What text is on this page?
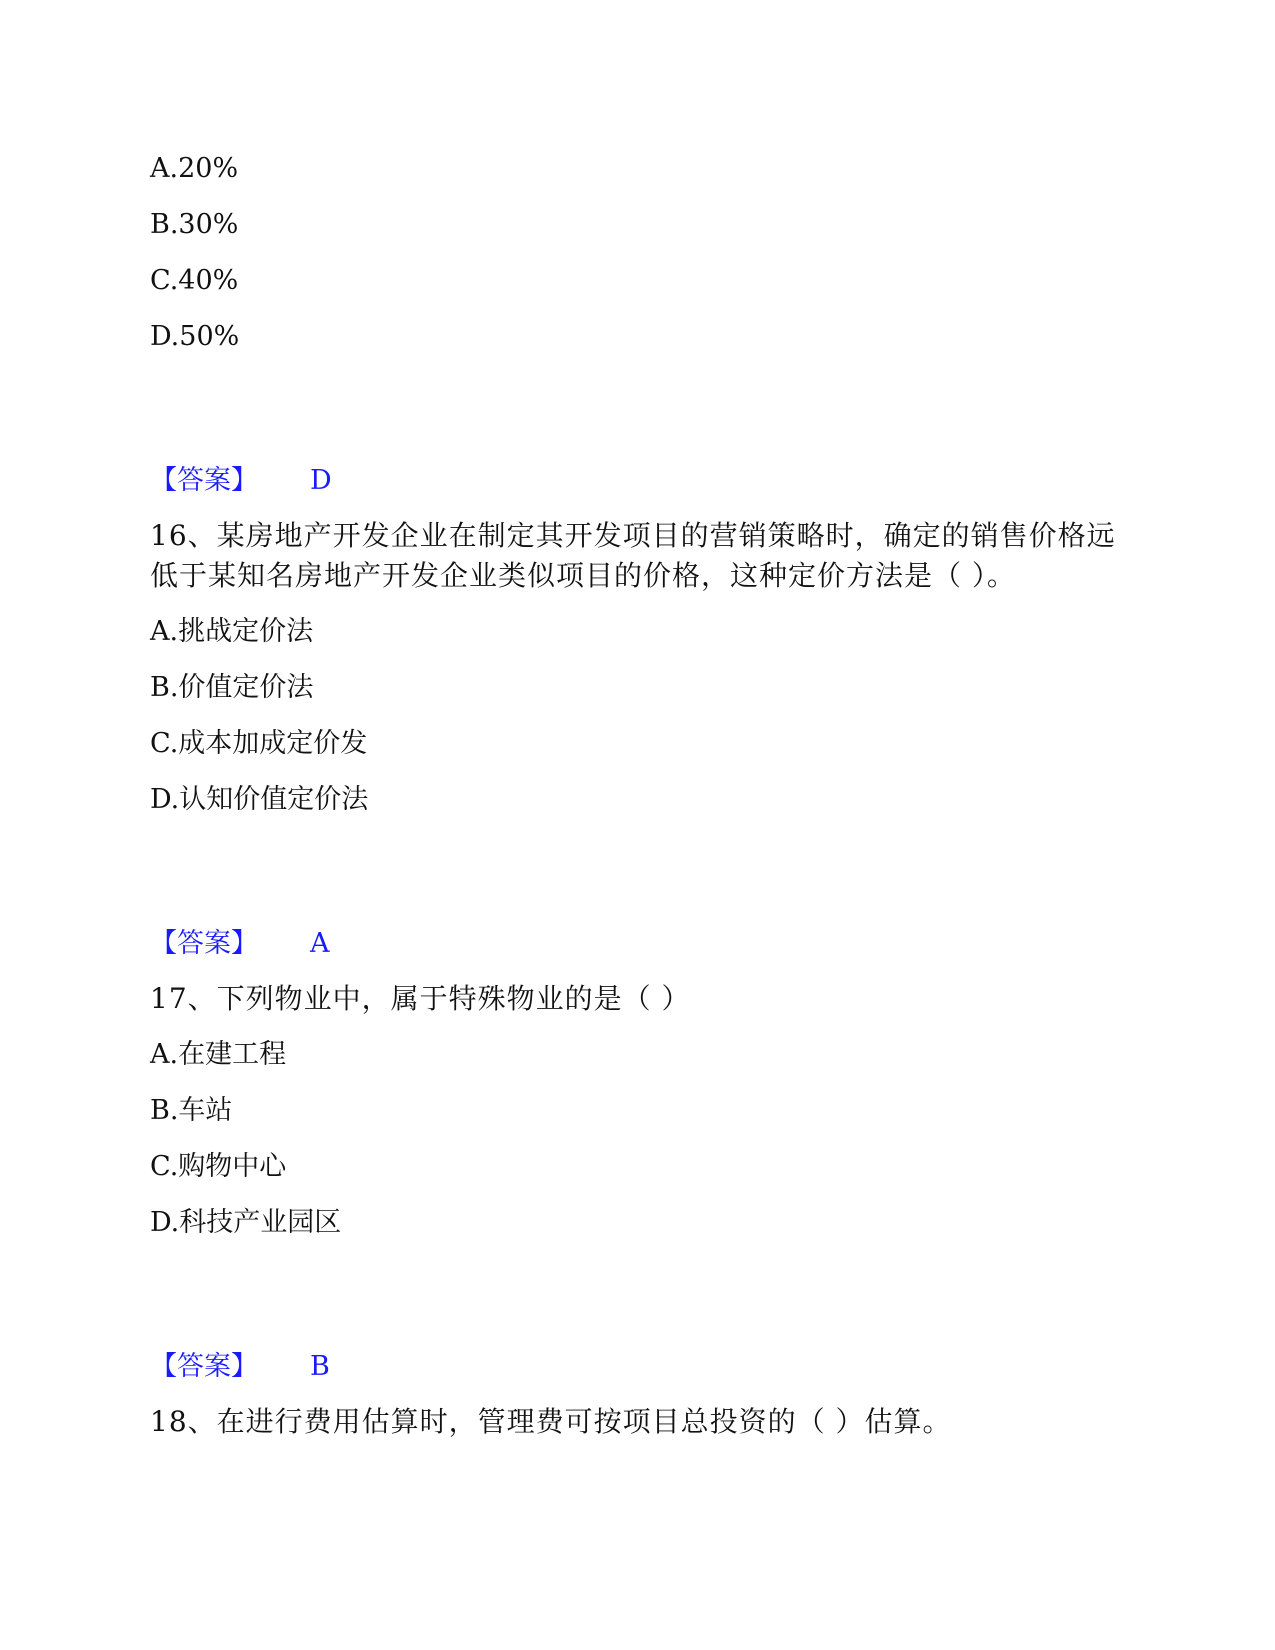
A.20%
B.30%
C.40%
D.50%
【答案】 D
16、某房地产开发企业在制定其开发项目的营销策略时，确定的销售价格远
低于某知名房地产开发企业类似项目的价格，这种定价方法是（ ）。
A.挑战定价法
B.价值定价法
C.成本加成定价发
D.认知价值定价法
【答案】 A
17、下列物业中，属于特殊物业的是（ ）
A.在建工程
B.车站
C.购物中心
D.科技产业园区
【答案】 B
18、在进行费用估算时，管理费可按项目总投资的（ ）估算。
